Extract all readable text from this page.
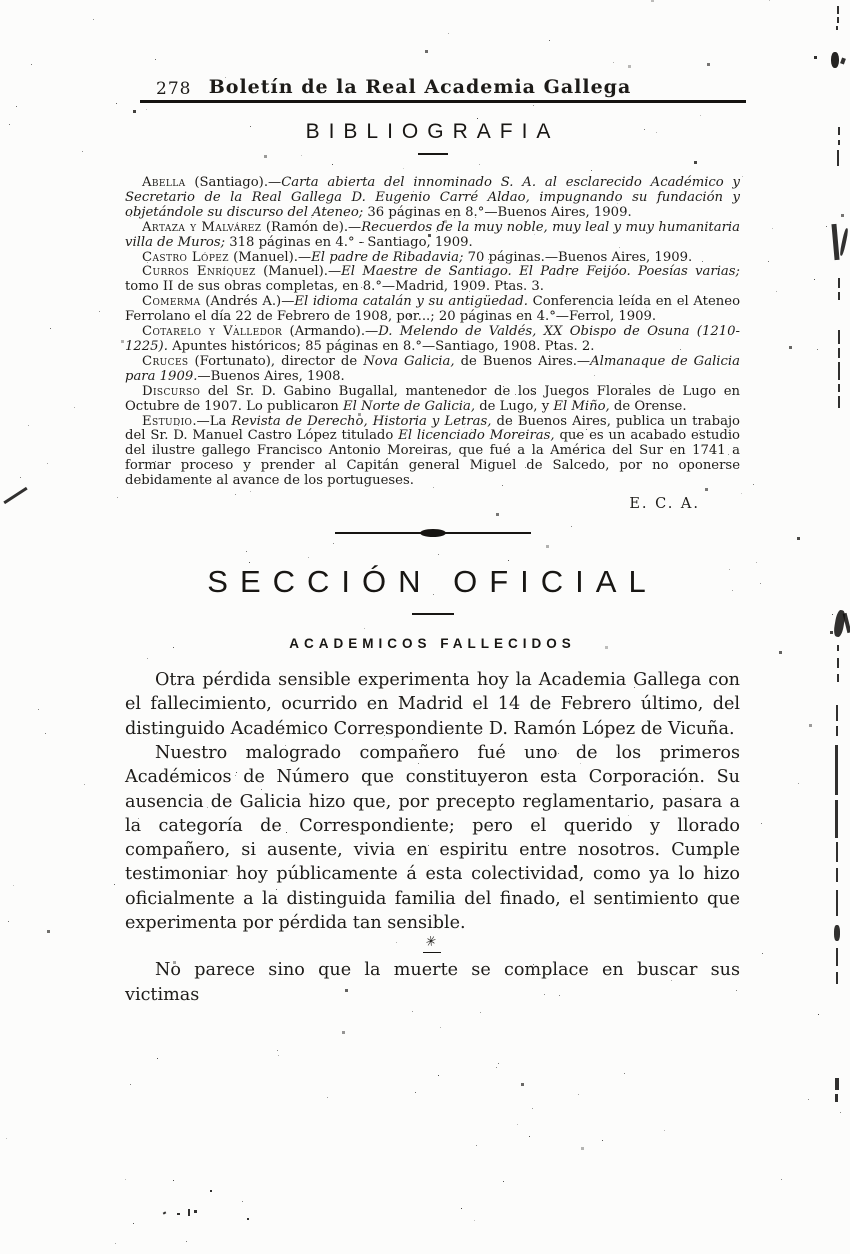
278 Boletín de la Real Academia Gallega
BIBLIOGRAFIA

Abella (Santiago).—Carta abierta del innominado S. A. al esclarecido Académico y Secretario de la Real Gallega D. Eugenio Carré Aldao, impugnando su fundación y objetándole su discurso del Ateneo; 36 páginas en 8.°—Buenos Aires, 1909.

Artaza y Malvárez (Ramón de).—Recuerdos de la muy noble, muy leal y muy humanitaria villa de Muros; 318 páginas en 4.° - Santiago, 1909.

Castro López (Manuel).—El padre de Ribadavia; 70 páginas.—Buenos Aires, 1909.

Curros Enríquez (Manuel).—El Maestre de Santiago. El Padre Feijóo. Poesías varias; tomo II de sus obras completas, en 8.°—Madrid, 1909. Ptas. 3.

Comerma (Andrés A.)—El idioma catalán y su antigüedad. Conferencia leída en el Ateneo Ferrolano el día 22 de Febrero de 1908, por...; 20 páginas en 4.°—Ferrol, 1909.

Cotarelo y Valledor (Armando).—D. Melendo de Valdés, XX Obispo de Osuna (1210-1225). Apuntes históricos; 85 páginas en 8.°—Santiago, 1908. Ptas. 2.

Cruces (Fortunato), director de Nova Galicia, de Buenos Aires.—Almanaque de Galicia para 1909.—Buenos Aires, 1908.

Discurso del Sr. D. Gabino Bugallal, mantenedor de los Juegos Florales de Lugo en Octubre de 1907. Lo publicaron El Norte de Galicia, de Lugo, y El Miño, de Orense.

Estudio.—La Revista de Derecho, Historia y Letras, de Buenos Aires, publica un trabajo del Sr. D. Manuel Castro López titulado El licenciado Moreiras, que es un acabado estudio del ilustre gallego Francisco Antonio Moreiras, que fué a la América del Sur en 1741 a formar proceso y prender al Capitán general Miguel de Salcedo, por no oponerse debidamente al avance de los portugueses.

E. C. A.
SECCIÓN OFICIAL
ACADEMICOS FALLECIDOS

Otra pérdida sensible experimenta hoy la Academia Gallega con el fallecimiento, ocurrido en Madrid el 14 de Febrero último, del distinguido Académico Correspondiente D. Ramón López de Vicuña.

Nuestro malogrado compañero fué uno de los primeros Académicos de Número que constituyeron esta Corporación. Su ausencia de Galicia hizo que, por precepto reglamentario, pasara a la categoría de Correspondiente; pero el querido y llorado compañero, si ausente, vivia en espiritu entre nosotros. Cumple testimoniar hoy públicamente á esta colectividad, como ya lo hizo oficialmente a la distinguida familia del finado, el sentimiento que experimenta por pérdida tan sensible.

✳

No parece sino que la muerte se complace en buscar sus victimas
